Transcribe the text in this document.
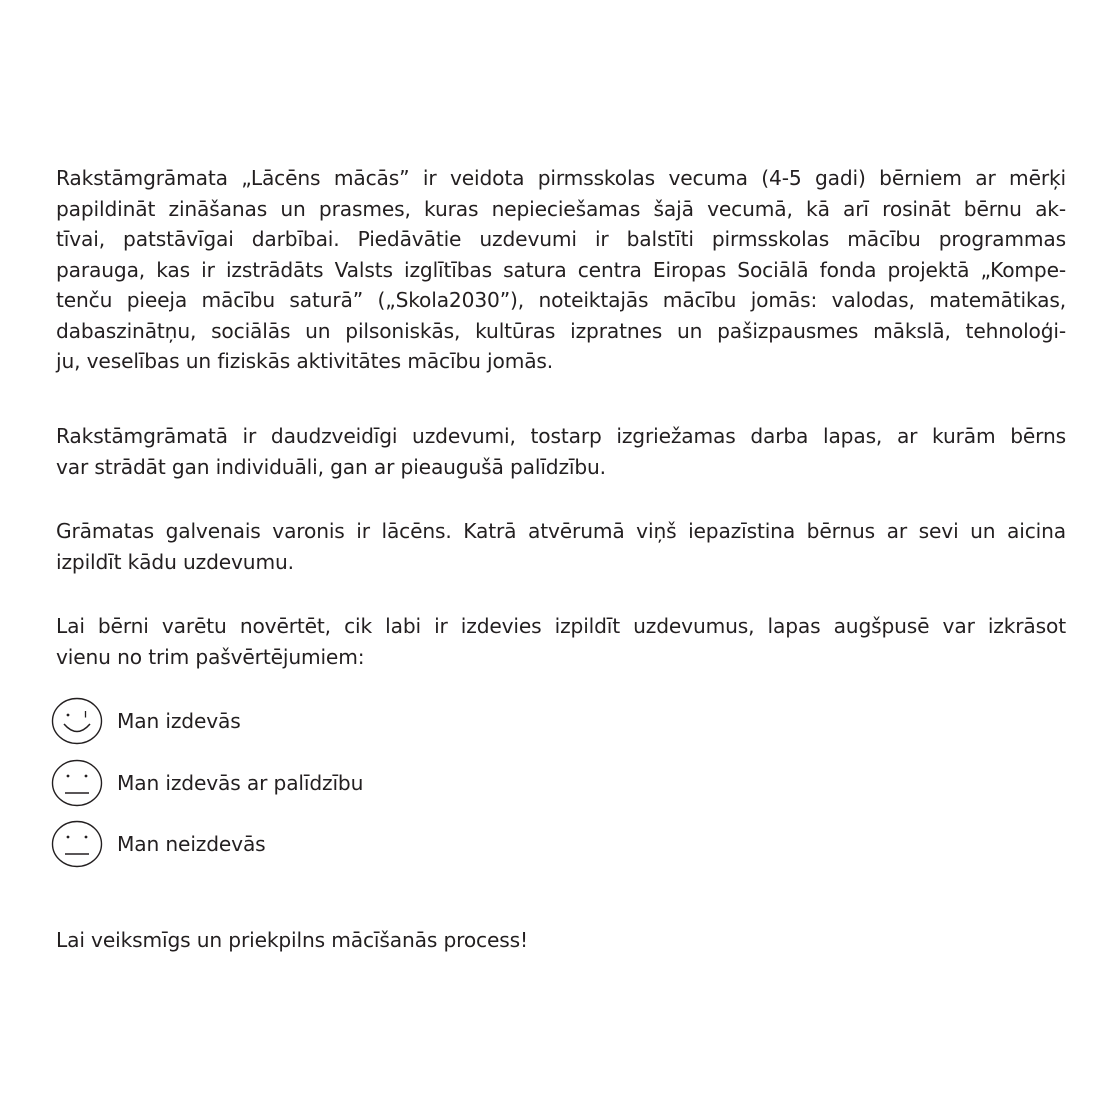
Rakstāmgrāmata „Lācēns mācās” ir veidota pirmsskolas vecuma (4-5 gadi) bērniem ar mērķi
papildināt zināšanas un prasmes, kuras nepieciešamas šajā vecumā, kā arī rosināt bērnu ak-
tīvai, patstāvīgai darbībai. Piedāvātie uzdevumi ir balstīti pirmsskolas mācību programmas
parauga, kas ir izstrādāts Valsts izglītības satura centra Eiropas Sociālā fonda projektā „Kompe-
tenču pieeja mācību saturā” („Skola2030”), noteiktajās mācību jomās: valodas, matemātikas,
dabaszinātņu, sociālās un pilsoniskās, kultūras izpratnes un pašizpausmes mākslā, tehnoloģi-
ju, veselības un fiziskās aktivitātes mācību jomās.

Rakstāmgrāmatā ir daudzveidīgi uzdevumi, tostarp izgriežamas darba lapas, ar kurām bērns
var strādāt gan individuāli, gan ar pieaugušā palīdzību.

Grāmatas galvenais varonis ir lācēns. Katrā atvērumā viņš iepazīstina bērnus ar sevi un aicina
izpildīt kādu uzdevumu.

Lai bērni varētu novērtēt, cik labi ir izdevies izpildīt uzdevumus, lapas augšpusē var izkrāsot
vienu no trim pašvērtējumiem:

Man izdevās
Man izdevās ar palīdzību
Man neizdevās

Lai veiksmīgs un priekpilns mācīšanās process!
